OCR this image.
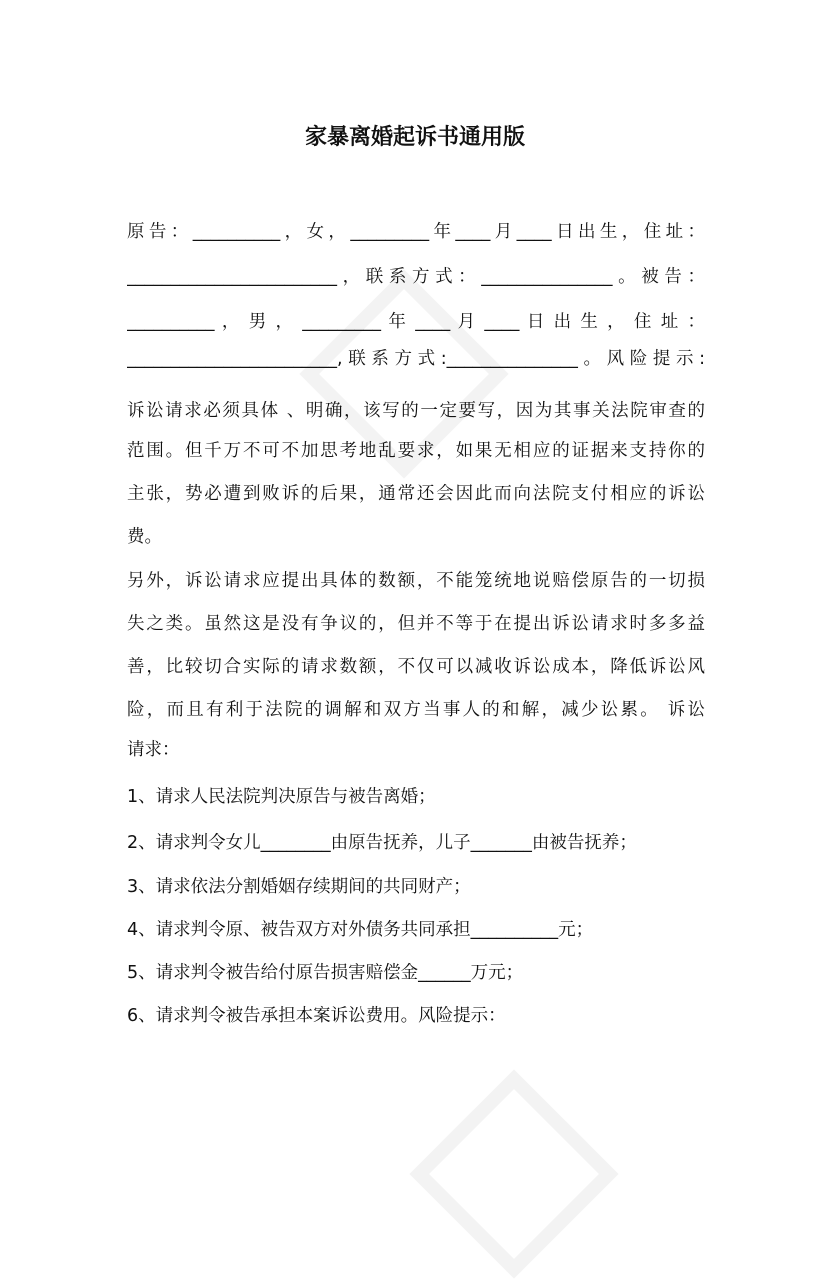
家暴离婚起诉书通用版
原告：__________，女，_________年____月____日出生，住址：
________________________，联系方式：_______________。被告：
__________ ， 男 ， _________ 年 ____ 月 ____ 日 出 生 ， 住 址 ：
________________________,联系方式:_______________。风险提示:
诉讼请求必须具体 、明确，该写的一定要写，因为其事关法院审查的
范围。但千万不可不加思考地乱要求，如果无相应的证据来支持你的
主张，势必遭到败诉的后果，通常还会因此而向法院支付相应的诉讼
费。
另外，诉讼请求应提出具体的数额，不能笼统地说赔偿原告的一切损
失之类。虽然这是没有争议的，但并不等于在提出诉讼请求时多多益
善，比较切合实际的请求数额，不仅可以减收诉讼成本，降低诉讼风
险，而且有利于法院的调解和双方当事人的和解，减少讼累。 诉讼
请求：
1、请求人民法院判决原告与被告离婚；
2、请求判令女儿________由原告抚养，儿子_______由被告抚养；
3、请求依法分割婚姻存续期间的共同财产；
4、请求判令原、被告双方对外债务共同承担__________元；
5、请求判令被告给付原告损害赔偿金______万元；
6、请求判令被告承担本案诉讼费用。风险提示：
